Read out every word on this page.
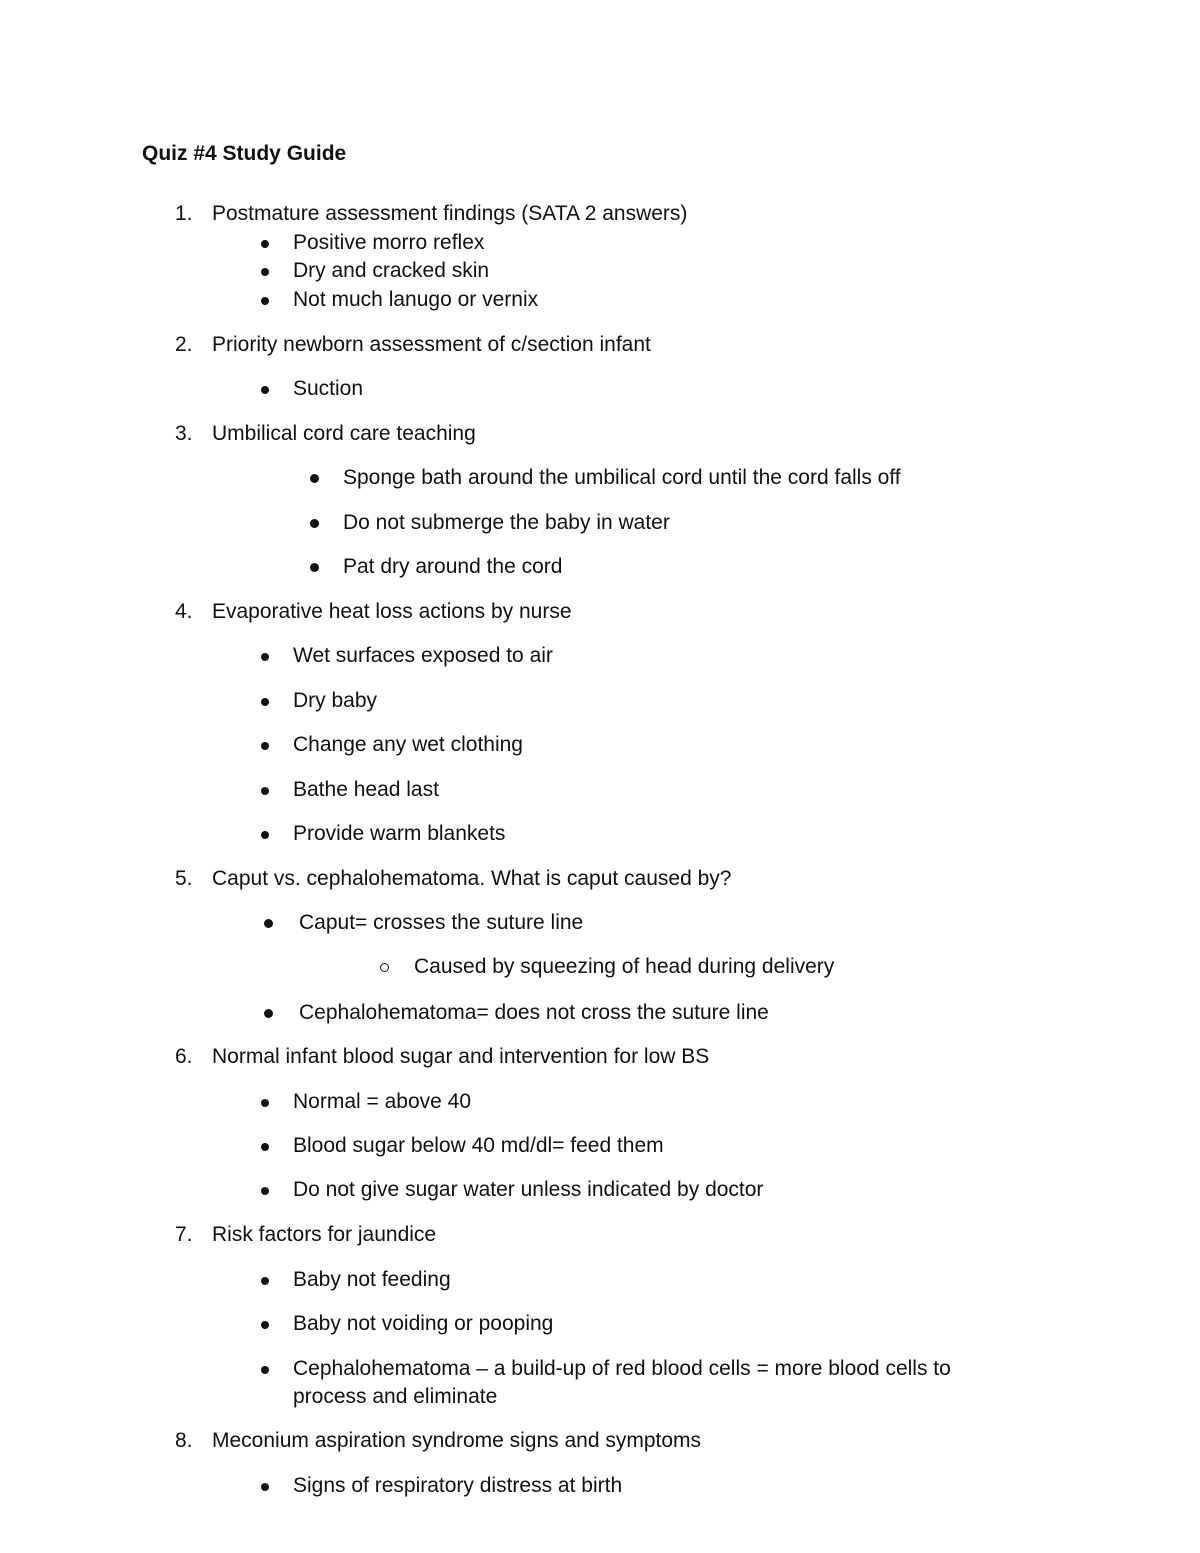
Quiz #4 Study Guide
1. Postmature assessment findings (SATA 2 answers)
Positive morro reflex
Dry and cracked skin
Not much lanugo or vernix
2. Priority newborn assessment of c/section infant
Suction
3. Umbilical cord care teaching
Sponge bath around the umbilical cord until the cord falls off
Do not submerge the baby in water
Pat dry around the cord
4. Evaporative heat loss actions by nurse
Wet surfaces exposed to air
Dry baby
Change any wet clothing
Bathe head last
Provide warm blankets
5. Caput vs. cephalohematoma. What is caput caused by?
Caput= crosses the suture line
Caused by squeezing of head during delivery
Cephalohematoma= does not cross the suture line
6. Normal infant blood sugar and intervention for low BS
Normal = above 40
Blood sugar below 40 md/dl= feed them
Do not give sugar water unless indicated by doctor
7. Risk factors for jaundice
Baby not feeding
Baby not voiding or pooping
Cephalohematoma – a build-up of red blood cells = more blood cells to
process and eliminate
8. Meconium aspiration syndrome signs and symptoms
Signs of respiratory distress at birth
